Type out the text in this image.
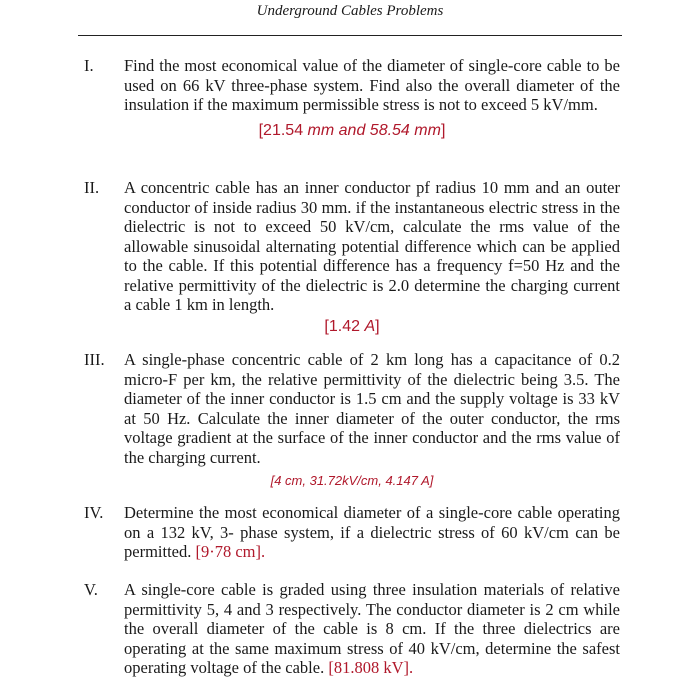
Underground Cables Problems
I.	Find the most economical value of the diameter of single-core cable to be used on 66 kV three-phase system. Find also the overall diameter of the insulation if the maximum permissible stress is not to exceed 5 kV/mm.
[21.54 mm and 58.54 mm]
II.	A concentric cable has an inner conductor pf radius 10 mm and an outer conductor of inside radius 30 mm. if the instantaneous electric stress in the dielectric is not to exceed 50 kV/cm, calculate the rms value of the allowable sinusoidal alternating potential difference which can be applied to the cable. If this potential difference has a frequency f=50 Hz and the relative permittivity of the dielectric is 2.0 determine the charging current a cable 1 km in length.
[1.42 A]
III.	A single-phase concentric cable of 2 km long has a capacitance of 0.2 micro-F per km, the relative permittivity of the dielectric being 3.5. The diameter of the inner conductor is 1.5 cm and the supply voltage is 33 kV at 50 Hz. Calculate the inner diameter of the outer conductor, the rms voltage gradient at the surface of the inner conductor and the rms value of the charging current.
[4 cm, 31.72kV/cm, 4.147 A]
IV.	Determine the most economical diameter of a single-core cable operating on a 132 kV, 3- phase system, if a dielectric stress of 60 kV/cm can be permitted. [9·78 cm].
V.	A single-core cable is graded using three insulation materials of relative permittivity 5, 4 and 3 respectively. The conductor diameter is 2 cm while the overall diameter of the cable is 8 cm. If the three dielectrics are operating at the same maximum stress of 40 kV/cm, determine the safest operating voltage of the cable. [81.808 kV].
